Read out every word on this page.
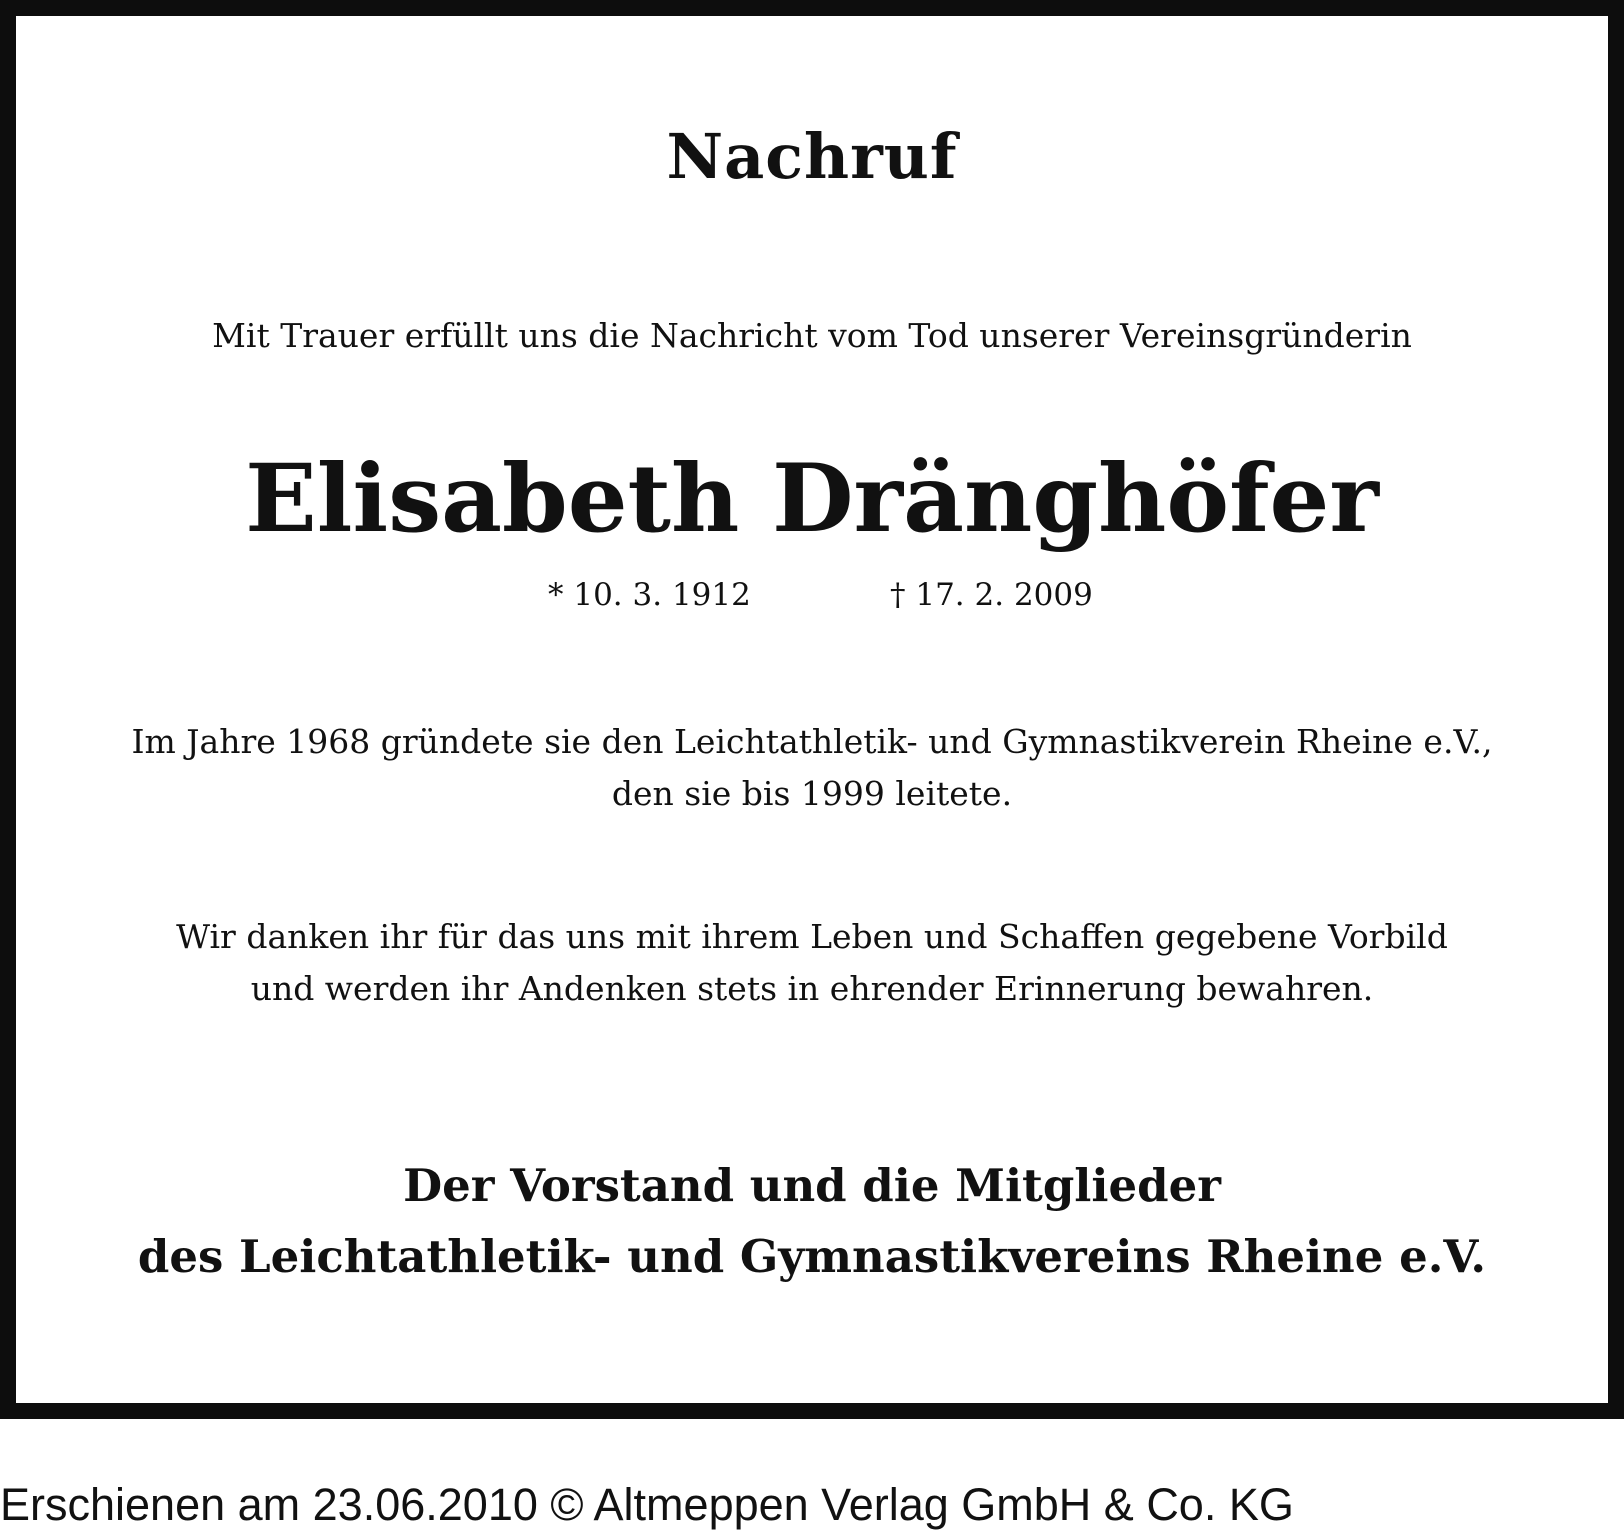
Nachruf

Mit Trauer erfüllt uns die Nachricht vom Tod unserer Vereinsgründerin

Elisabeth Dränghöfer
* 10. 3. 1912	† 17. 2. 2009

Im Jahre 1968 gründete sie den Leichtathletik- und Gymnastikverein Rheine e.V.,

den sie bis 1999 leitete.

Wir danken ihr für das uns mit ihrem Leben und Schaffen gegebene Vorbild

und werden ihr Andenken stets in ehrender Erinnerung bewahren.

Der Vorstand und die Mitglieder

des Leichtathletik- und Gymnastikvereins Rheine e.V.

Erschienen am 23.06.2010 © Altmeppen Verlag GmbH & Co. KG
